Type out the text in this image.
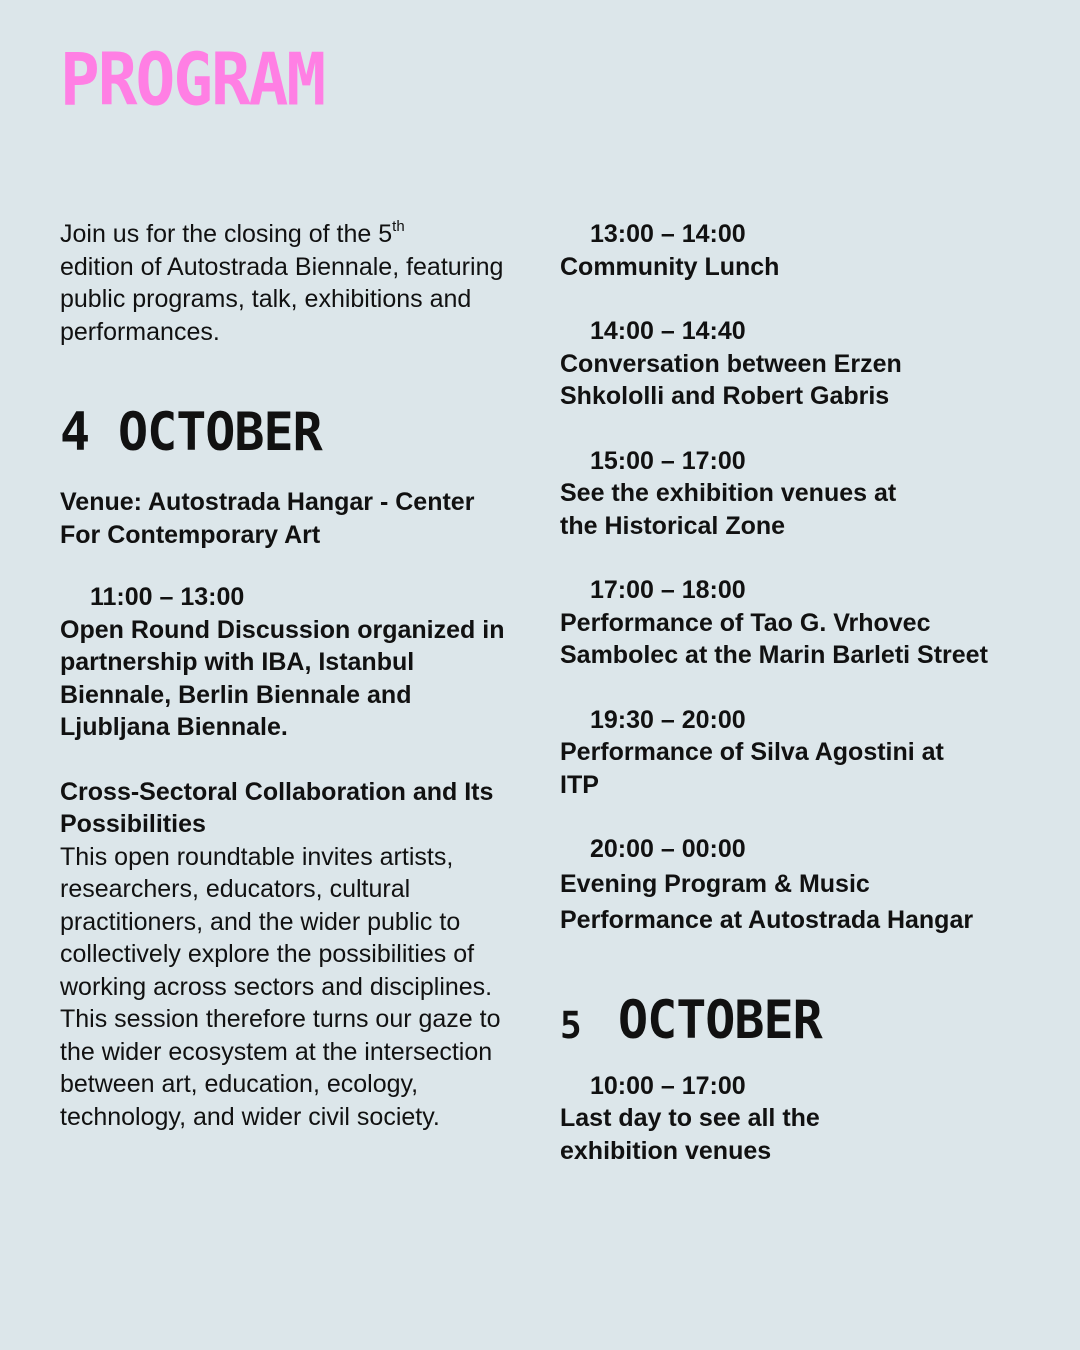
PROGRAM

Join us for the closing of the 5th
edition of Autostrada Biennale, featuring public programs, talk, exhibitions and performances.

4 OCTOBER

Venue: Autostrada Hangar - Center For Contemporary Art

11:00 – 13:00

Open Round Discussion organized in partnership with IBA, Istanbul Biennale, Berlin Biennale and Ljubljana Biennale.

Cross-Sectoral Collaboration and Its Possibilities

This open roundtable invites artists, researchers, educators, cultural practitioners, and the wider public to collectively explore the possibilities of working across sectors and disciplines. This session therefore turns our gaze to the wider ecosystem at the intersection between art, education, ecology, technology, and wider civil society.

13:00 – 14:00

Community Lunch

14:00 – 14:40

Conversation between Erzen Shkololli and Robert Gabris

15:00 – 17:00

See the exhibition venues at the Historical Zone

17:00 – 18:00

Performance of Tao G. Vrhovec Sambolec at the Marin Barleti Street

19:30 – 20:00

Performance of Silva Agostini at ITP

20:00 – 00:00

Evening Program & Music Performance at Autostrada Hangar

5 OCTOBER

10:00 – 17:00

Last day to see all the exhibition venues
